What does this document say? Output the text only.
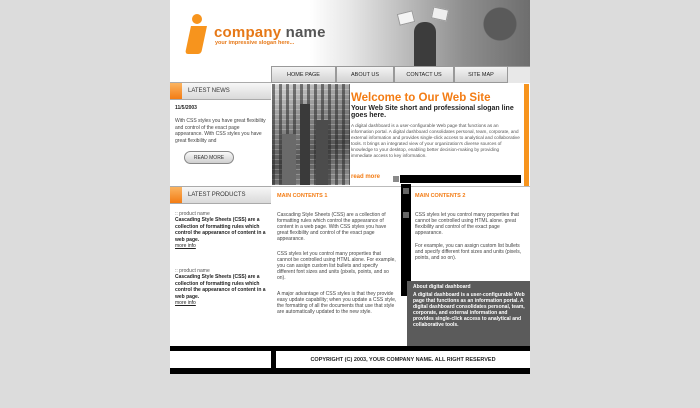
company name
your impressive slogan here...
HOME PAGE	ABOUT US	CONTACT US	SITE MAP
LATEST NEWS
11/5/2003
With CSS styles you have great flexibility and control of the exact page appearance. With CSS styles you have great flexibility and
READ MORE
LATEST PRODUCTS
:: product name
Cascading Style Sheets (CSS) are a collection of formatting rules which control the appearance of content in a web page.
more info
:: product name
Cascading Style Sheets (CSS) are a collection of formatting rules which control the appearance of content in a web page.
more info
Welcome to Our Web Site
Your Web Site short and professional slogan line goes here.
A digital dashboard is a user-configurable Web page that functions as an information portal. A digital dashboard consolidates personal, team, corporate, and external information and provides single-click access to analytical and collaborative tools. It brings an integrated view of your organization's diverse sources of knowledge to your desktop, enabling better decision-making by providing immediate access to key information.
read more
MAIN CONTENTS 1
Cascading Style Sheets (CSS) are a collection of formatting rules which control the appearance of content in a web page. With CSS styles you have great flexibility and control of the exact page appearance.
CSS styles let you control many properties that cannot be controlled using HTML alone. For example, you can assign custom list bullets and specify different font sizes and units (pixels, points, and so on).
A major advantage of CSS styles is that they provide easy update capability; when you update a CSS style, the formatting of all the documents that use that style are automatically updated to the new style.
MAIN CONTENTS 2
CSS styles let you control many properties that cannot be controlled using HTML alone. great flexibility and control of the exact page appearance.
For example, you can assign custom list bullets and specify different font sizes and units (pixels, points, and so on).
About digital dashboard
A digital dashboard is a user-configurable Web page that functions as an information portal. A digital dashboard consolidates personal, team, corporate, and external information and provides single-click access to analytical and collaborative tools.
COPYRIGHT (C) 2003, YOUR COMPANY NAME. ALL RIGHT RESERVED
